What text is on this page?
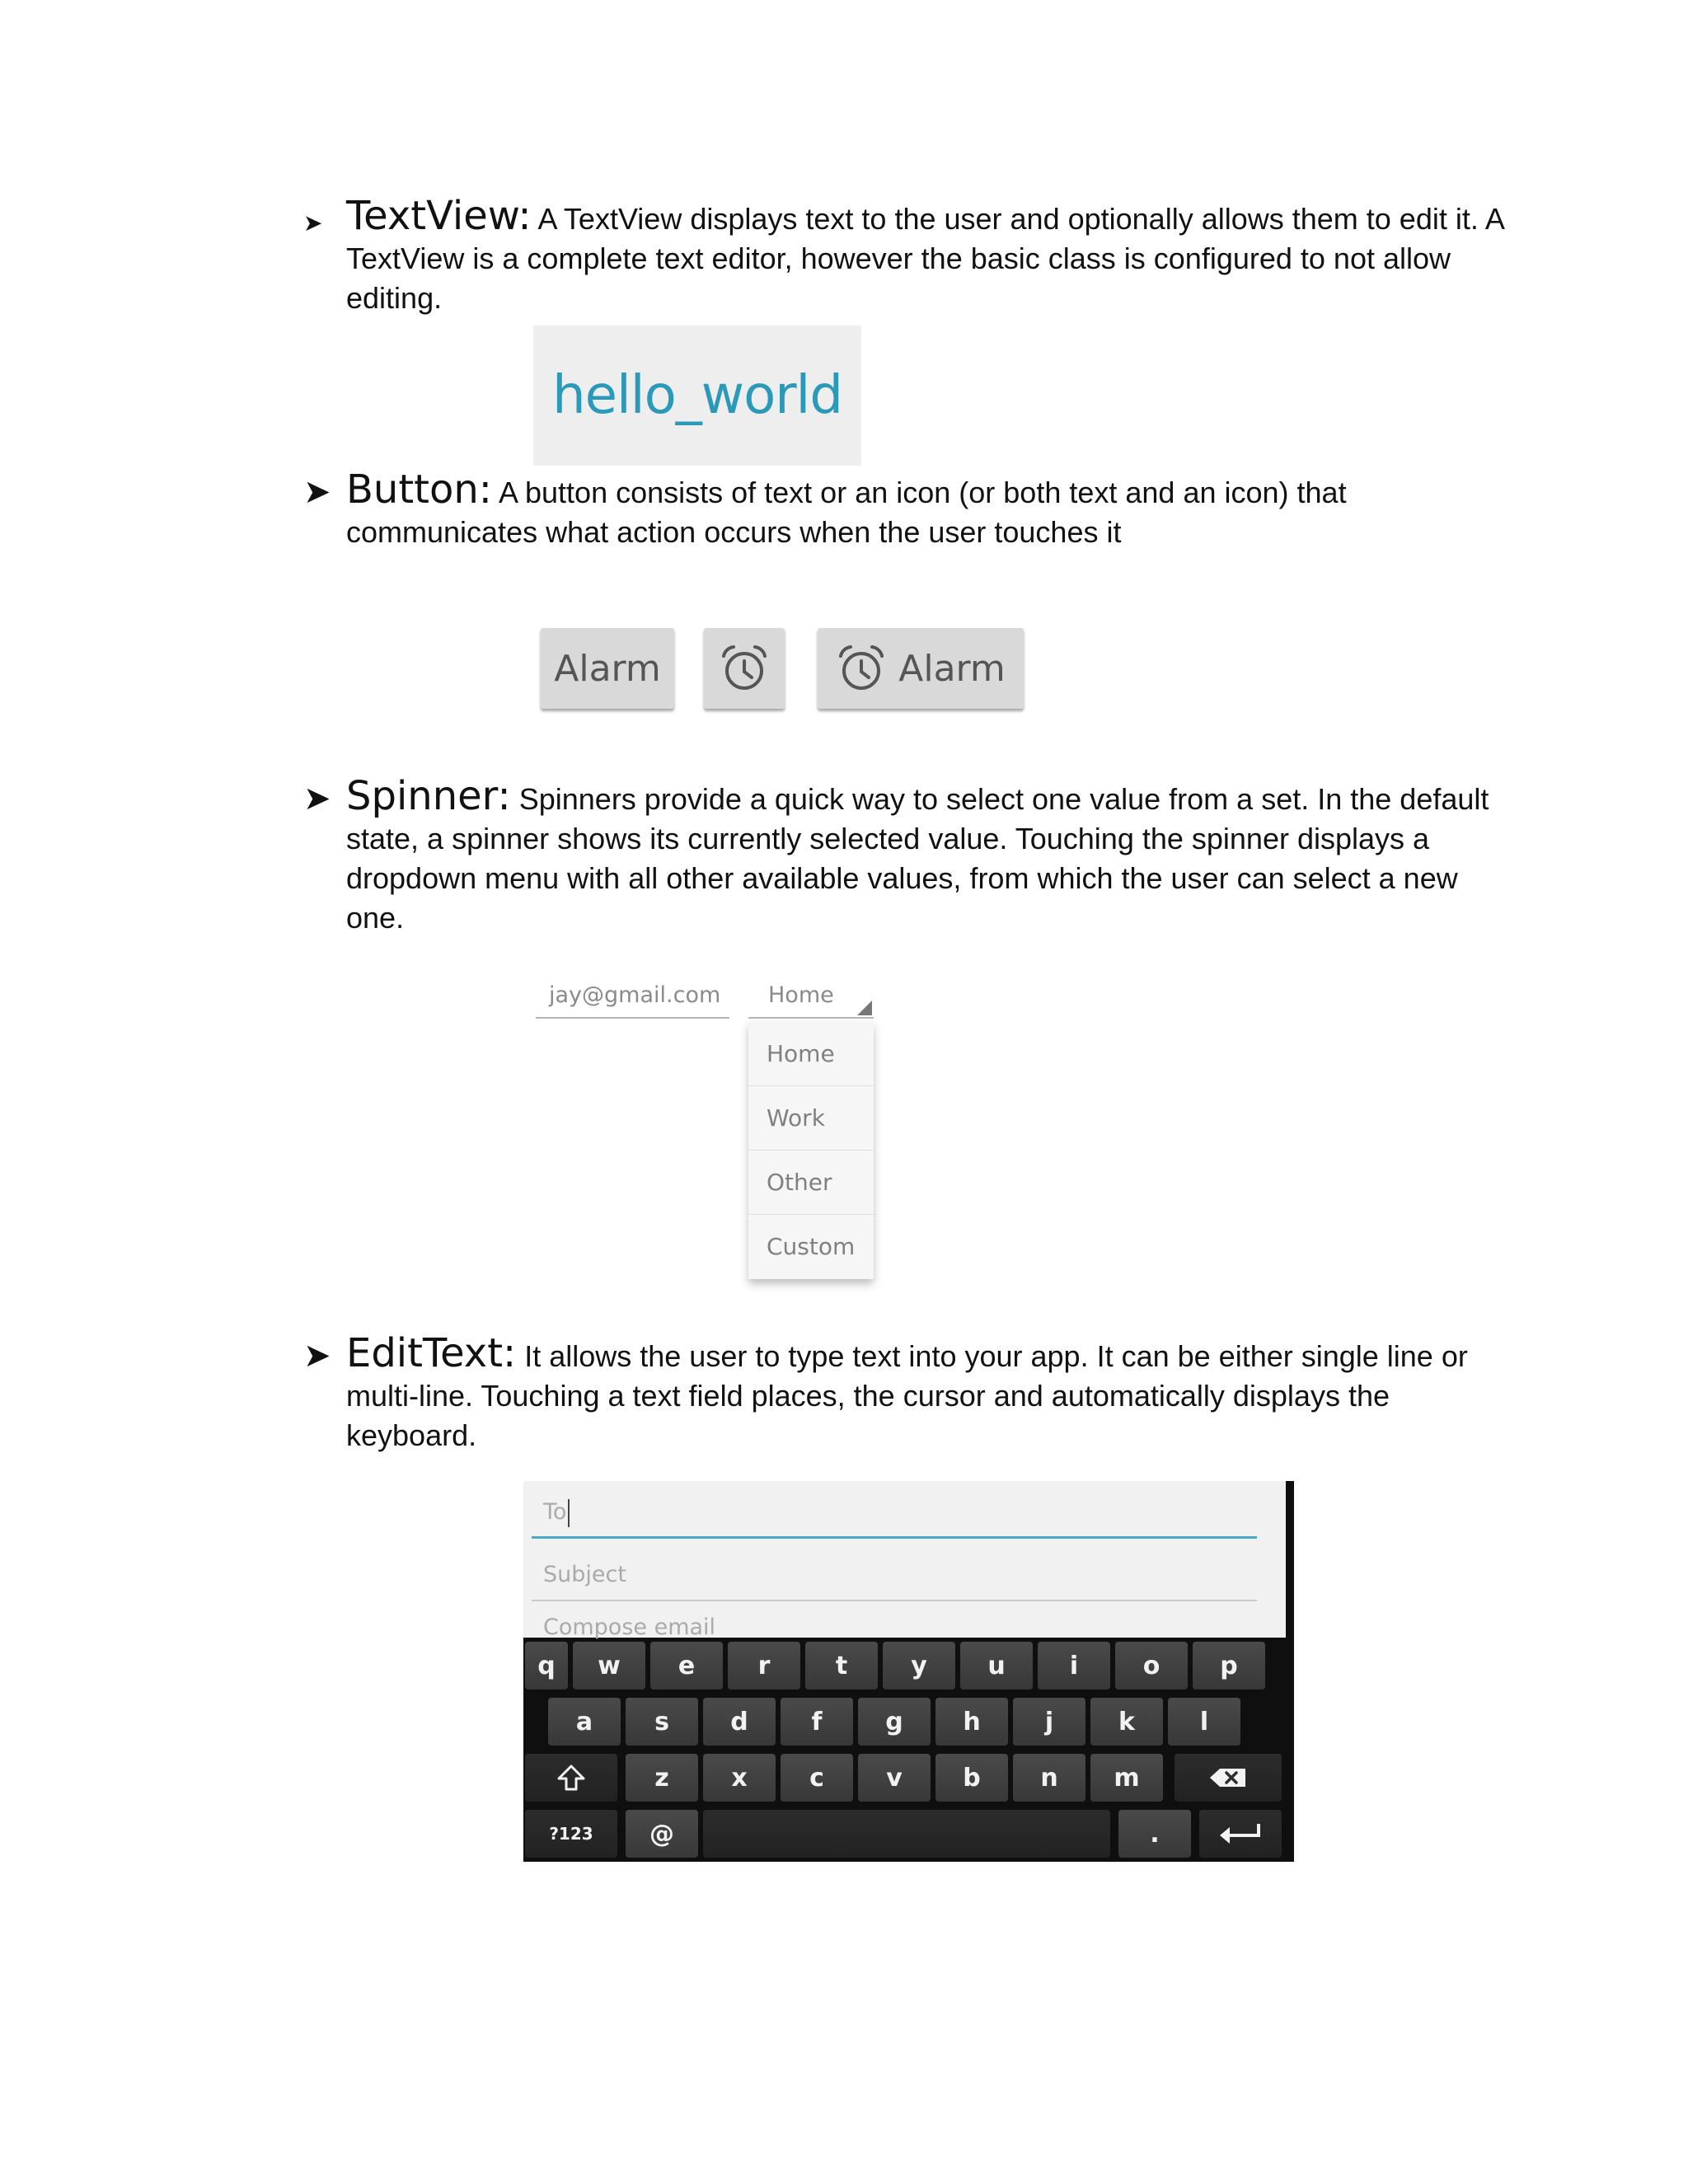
➤ TextView: A TextView displays text to the user and optionally allows them to edit it. A TextView is a complete text editor, however the basic class is configured to not allow editing.

hello_world
➤ Button: A button consists of text or an icon (or both text and an icon) that communicates what action occurs when the user touches it

Alarm	Alarm
➤ Spinner: Spinners provide a quick way to select one value from a set. In the default state, a spinner shows its currently selected value. Touching the spinner displays a dropdown menu with all other available values, from which the user can select a new one.

jay@gmail.com	Home
Home
Work
Other
Custom
➤ EditText: It allows the user to type text into your app. It can be either single line or multi-line. Touching a text field places, the cursor and automatically displays the keyboard.

To
Subject
Compose email
q	w	e	r	t	y	u	i	o	p
a	s	d	f	g	h	j	k	l
z	x	c	v	b	n	m
?123	@	.
